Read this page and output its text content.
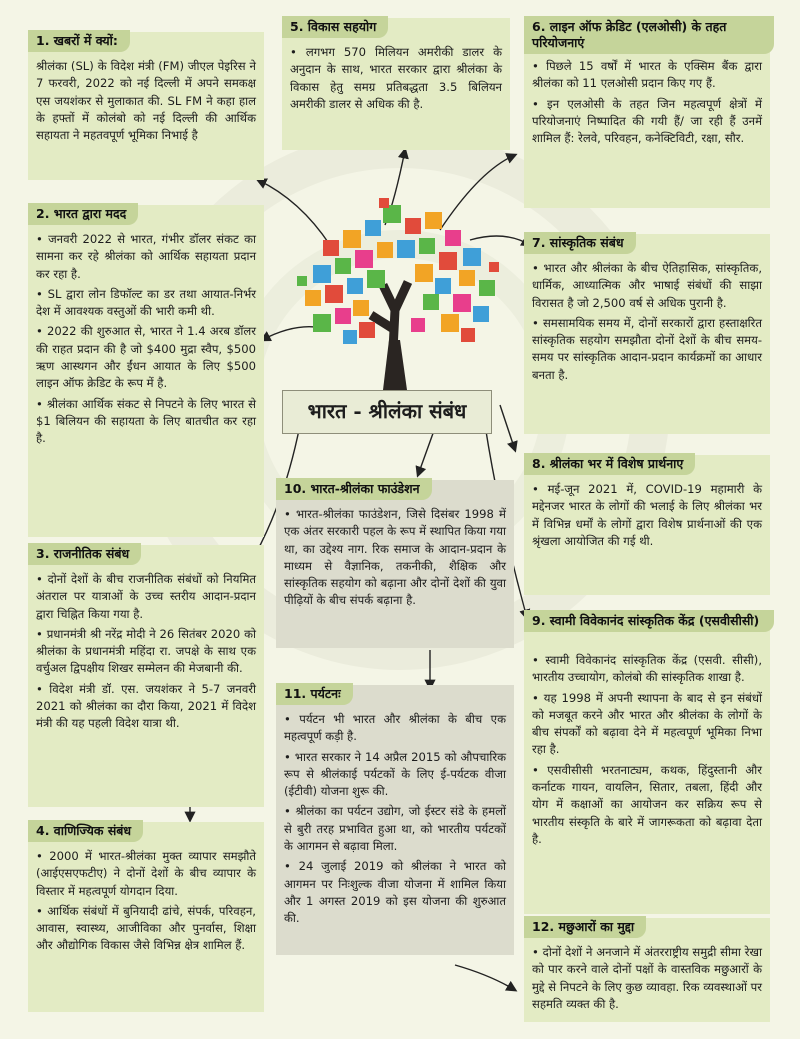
भारत - श्रीलंका संबंध
1. खबरों में क्यों:

श्रीलंका (SL) के विदेश मंत्री (FM) जीएल पेइरिस ने 7 फरवरी, 2022 को नई दिल्ली में अपने समकक्ष एस जयशंकर से मुलाकात की. SL FM ने कहा हाल के हफ्तों में कोलंबो को नई दिल्ली की आर्थिक सहायता ने महतवपूर्ण भूमिका निभाई है

2. भारत द्वारा मदद

• जनवरी 2022 से भारत, गंभीर डॉलर संकट का सामना कर रहे श्रीलंका को आर्थिक सहायता प्रदान कर रहा है.

• SL द्वारा लोन डिफॉल्ट का डर तथा आयात-निर्भर देश में आवश्यक वस्तुओं की भारी कमी थी.

• 2022 की शुरुआत से, भारत ने 1.4 अरब डॉलर की राहत प्रदान की है जो $400 मुद्रा स्वैप, $500 ऋण आस्थगन और ईंधन आयात के लिए $500 लाइन ऑफ क्रेडिट के रूप में है.

• श्रीलंका आर्थिक संकट से निपटने के लिए भारत से $1 बिलियन की सहायता के लिए बातचीत कर रहा है.

3. राजनीतिक संबंध

• दोनों देशों के बीच राजनीतिक संबंधों को नियमित अंतराल पर यात्राओं के उच्च स्तरीय आदान-प्रदान द्वारा चिह्नित किया गया है.

• प्रधानमंत्री श्री नरेंद्र मोदी ने 26 सितंबर 2020 को श्रीलंका के प्रधानमंत्री महिंदा रा. जपक्षे के साथ एक वर्चुअल द्विपक्षीय शिखर सम्मेलन की मेजबानी की.

• विदेश मंत्री डॉ. एस. जयशंकर ने 5-7 जनवरी 2021 को श्रीलंका का दौरा किया, 2021 में विदेश मंत्री की यह पहली विदेश यात्रा थी.

4. वाणिज्यिक संबंध

• 2000 में भारत-श्रीलंका मुक्त व्यापार समझौते (आईएसएफटीए) ने दोनों देशों के बीच व्यापार के विस्तार में महत्वपूर्ण योगदान दिया.

• आर्थिक संबंधों में बुनियादी ढांचे, संपर्क, परिवहन, आवास, स्वास्थ्य, आजीविका और पुनर्वास, शिक्षा और औद्योगिक विकास जैसे विभिन्न क्षेत्र शामिल हैं.

5. विकास सहयोग

• लगभग 570 मिलियन अमरीकी डालर के अनुदान के साथ, भारत सरकार द्वारा श्रीलंका के विकास हेतु समग्र प्रतिबद्धता 3.5 बिलियन अमरीकी डालर से अधिक की है.

6. लाइन ऑफ क्रेडिट (एलओसी) के तहत परियोजनाएं

• पिछले 15 वर्षों में भारत के एक्सिम बैंक द्वारा श्रीलंका को 11 एलओसी प्रदान किए गए हैं.

• इन एलओसी के तहत जिन महत्वपूर्ण क्षेत्रों में परियोजनाएं निष्पादित की गयी हैं/ जा रही हैं उनमें शामिल हैं: रेलवे, परिवहन, कनेक्टिविटी, रक्षा, सौर.

7. सांस्कृतिक संबंध

• भारत और श्रीलंका के बीच ऐतिहासिक, सांस्कृतिक, धार्मिक, आध्यात्मिक और भाषाई संबंधों की साझा विरासत है जो 2,500 वर्ष से अधिक पुरानी है.

• समसामयिक समय में, दोनों सरकारों द्वारा हस्ताक्षरित सांस्कृतिक सहयोग समझौता दोनों देशों के बीच समय-समय पर सांस्कृतिक आदान-प्रदान कार्यक्रमों का आधार बनता है.

8. श्रीलंका भर में विशेष प्रार्थनाए

• मई-जून 2021 में, COVID-19 महामारी के मद्देनजर भारत के लोगों की भलाई के लिए श्रीलंका भर में विभिन्न धर्मों के लोगों द्वारा विशेष प्रार्थनाओं की एक श्रृंखला आयोजित की गई थी.

9. स्वामी विवेकानंद सांस्कृतिक केंद्र (एसवीसीसी)

• स्वामी विवेकानंद सांस्कृतिक केंद्र (एसवी. सीसी), भारतीय उच्चायोग, कोलंबो की सांस्कृतिक शाखा है.

• यह 1998 में अपनी स्थापना के बाद से इन संबंधों को मजबूत करने और भारत और श्रीलंका के लोगों के बीच संपर्कों को बढ़ावा देने में महत्वपूर्ण भूमिका निभा रहा है.

• एसवीसीसी भरतनाट्यम, कथक, हिंदुस्तानी और कर्नाटक गायन, वायलिन, सितार, तबला, हिंदी और योग में कक्षाओं का आयोजन कर सक्रिय रूप से भारतीय संस्कृति के बारे में जागरूकता को बढ़ावा देता है.

10. भारत-श्रीलंका फाउंडेशन

• भारत-श्रीलंका फाउंडेशन, जिसे दिसंबर 1998 में एक अंतर सरकारी पहल के रूप में स्थापित किया गया था, का उद्देश्य नाग. रिक समाज के आदान-प्रदान के माध्यम से वैज्ञानिक, तकनीकी, शैक्षिक और सांस्कृतिक सहयोग को बढ़ाना और दोनों देशों की युवा पीढ़ियों के बीच संपर्क बढ़ाना है.

11. पर्यटनः

• पर्यटन भी भारत और श्रीलंका के बीच एक महत्वपूर्ण कड़ी है.

• भारत सरकार ने 14 अप्रैल 2015 को औपचारिक रूप से श्रीलंकाई पर्यटकों के लिए ई-पर्यटक वीजा (ईटीवी) योजना शुरू की.

• श्रीलंका का पर्यटन उद्योग, जो ईस्टर संडे के हमलों से बुरी तरह प्रभावित हुआ था, को भारतीय पर्यटकों के आगमन से बढ़ावा मिला.

• 24 जुलाई 2019 को श्रीलंका ने भारत को आगमन पर निःशुल्क वीजा योजना में शामिल किया और 1 अगस्त 2019 को इस योजना की शुरुआत की.

12. मछुआरों का मुद्दा

• दोनों देशों ने अनजाने में अंतरराष्ट्रीय समुद्री सीमा रेखा को पार करने वाले दोनों पक्षों के वास्तविक मछुआरों के मुद्दे से निपटने के लिए कुछ व्यावहा. रिक व्यवस्थाओं पर सहमति व्यक्त की है.
